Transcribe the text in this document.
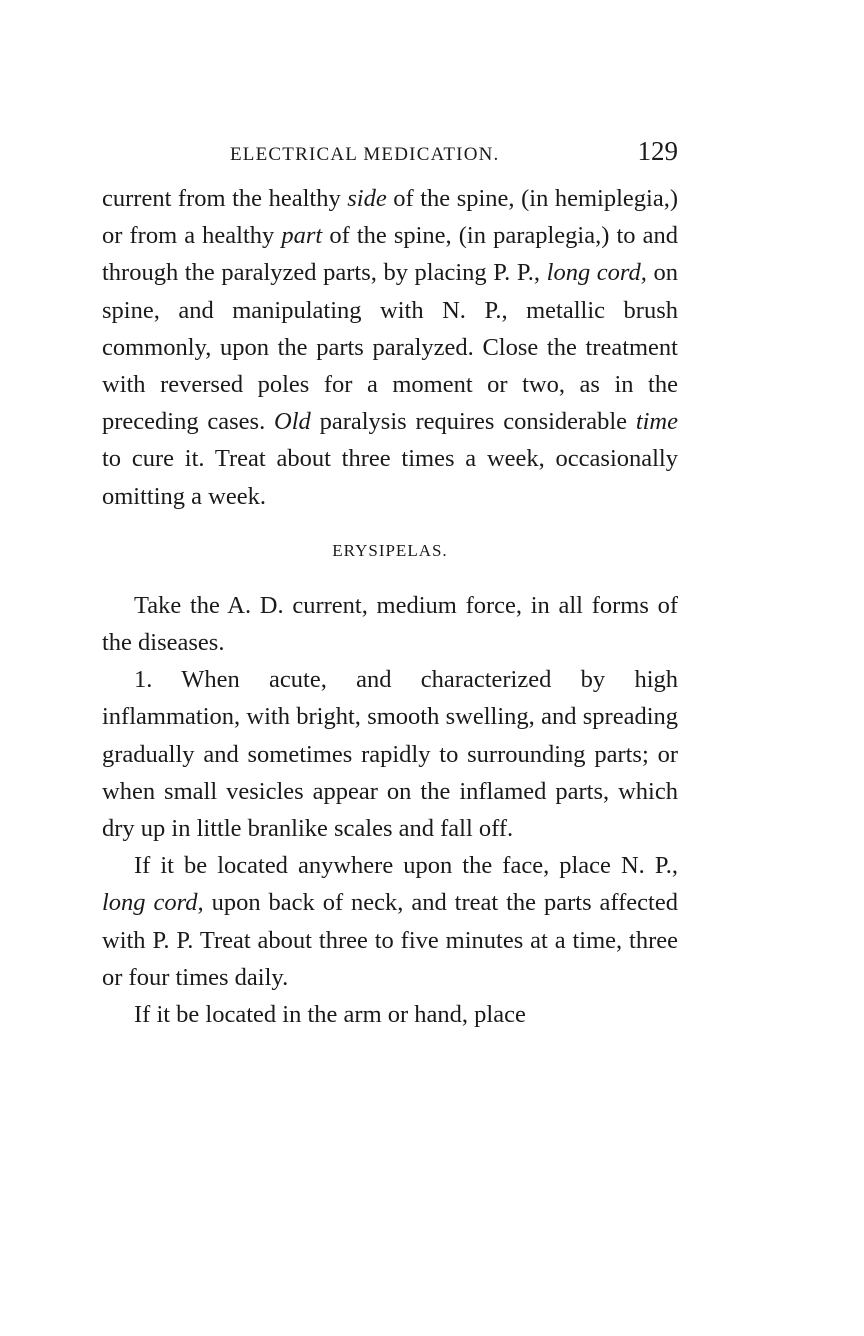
ELECTRICAL MEDICATION.	129

current from the healthy side of the spine, (in hemiplegia,) or from a healthy part of the spine, (in paraplegia,) to and through the paralyzed parts, by placing P. P., long cord, on spine, and manipulating with N. P., metallic brush commonly, upon the parts paralyzed. Close the treatment with reversed poles for a moment or two, as in the preceding cases. Old paralysis requires considerable time to cure it. Treat about three times a week, occasionally omitting a week.

ERYSIPELAS.

Take the A. D. current, medium force, in all forms of the diseases.

1. When acute, and characterized by high inflammation, with bright, smooth swelling, and spreading gradually and sometimes rapidly to surrounding parts; or when small vesicles appear on the inflamed parts, which dry up in little branlike scales and fall off.

If it be located anywhere upon the face, place N. P., long cord, upon back of neck, and treat the parts affected with P. P. Treat about three to five minutes at a time, three or four times daily.

If it be located in the arm or hand, place
